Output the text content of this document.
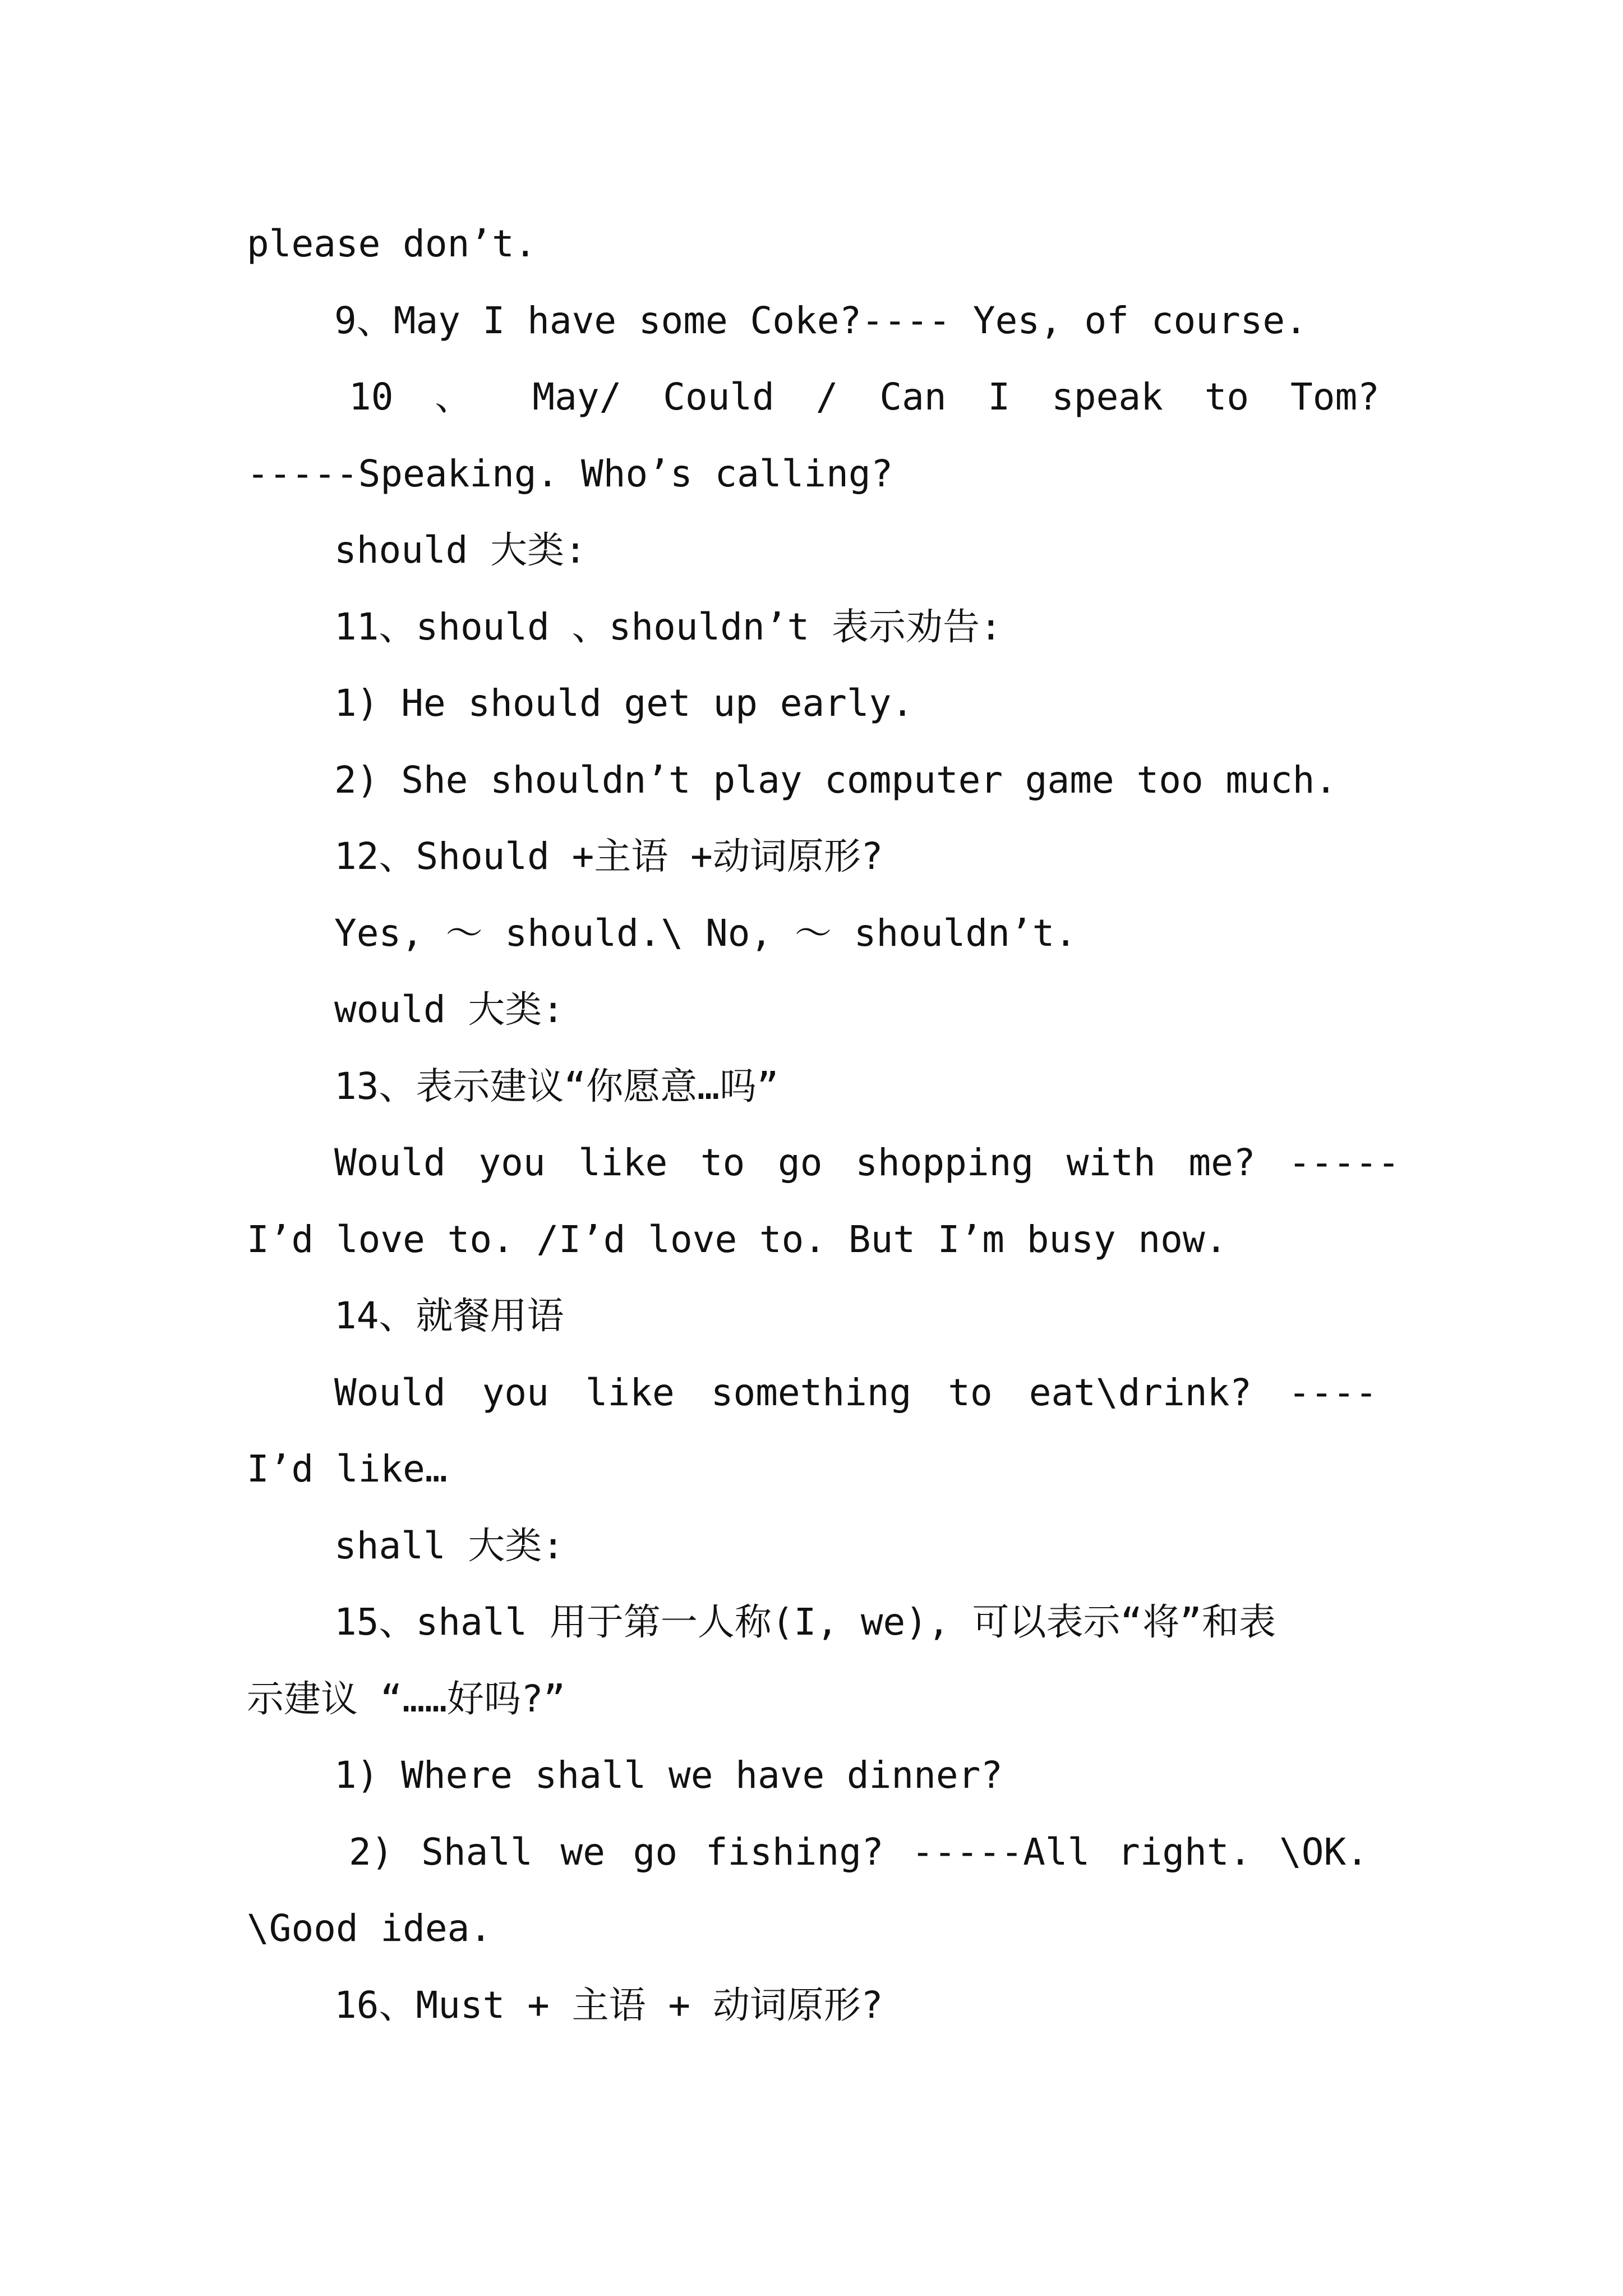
please don’t.
9、May I have some Coke?---- Yes, of course.
10 、 May/ Could / Can I speak to Tom?
-----Speaking. Who’s calling?
should 大类:
11、should 、shouldn’t 表示劝告:
1) He should get up early.
2) She shouldn’t play computer game too much.
12、Should +主语 +动词原形?
Yes, ～ should.\ No, ～ shouldn’t.
would 大类:
13、表示建议“你愿意…吗”
Would you like to go shopping with me? -----
I’d love to. /I’d love to. But I’m busy now.
14、就餐用语
Would you like something to eat\drink? ----
I’d like…
shall 大类:
15、shall 用于第一人称(I, we), 可以表示“将”和表
示建议 “……好吗?”
1) Where shall we have dinner?
2) Shall we go fishing? -----All right. \OK.
\Good idea.
16、Must + 主语 + 动词原形?
